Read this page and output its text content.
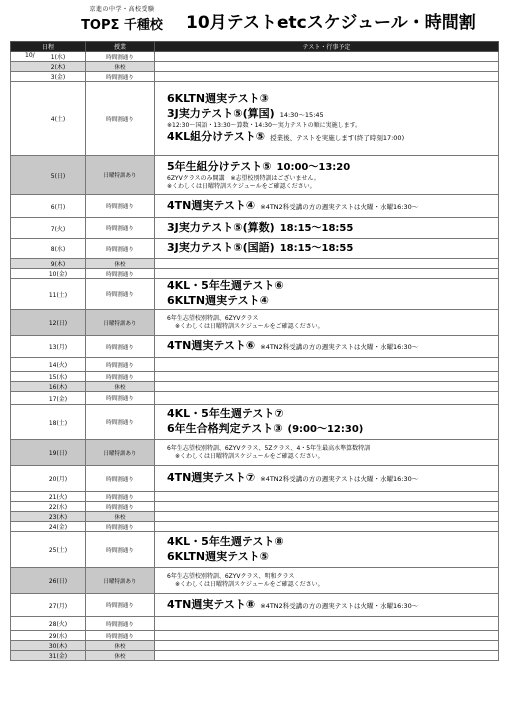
京進の中学・高校受験
TOPΣ 千種校	10月テストetcスケジュール・時間割
日程	授業	テスト・行事予定

10/ 1(水)	時間割通り	
2(木)	休校	
3(金)	時間割通り	
4(土)	時間割通り	6KLTN週実テスト③
3J実力テスト⑤(算国) 14:30～15:45
※12:30～国語・13:30～算数・14:30～実力テストの順に実施します。
4KL組分けテスト⑤ 授業後、テストを実施します(終了時刻17:00)

5(日)	日曜特訓あり	5年生組分けテスト⑤ 10:00～13:20
6ZYVクラスのみ開講　※志望校別特訓はございません。
※くわしくは日曜特訓スケジュールをご確認ください。

6(月)	時間割通り	4TN週実テスト④ ※4TN2科受講の方の週実テストは火曜・水曜16:30～

7(火)	時間割通り	3J実力テスト⑤(算数) 18:15～18:55

8(水)	時間割通り	3J実力テスト⑤(国語) 18:15～18:55

9(木)	休校	
10(金)	時間割通り	
11(土)	時間割通り	4KL・5年生週テスト⑥
6KLTN週実テスト④

12(日)	日曜特訓あり	6年生志望校別特訓、6ZYVクラス
※くわしくは日曜特訓スケジュールをご確認ください。

13(月)	時間割通り	4TN週実テスト⑥ ※4TN2科受講の方の週実テストは火曜・水曜16:30～

14(火)	時間割通り	
15(水)	時間割通り	
16(木)	休校	
17(金)	時間割通り	
18(土)	時間割通り	4KL・5年生週テスト⑦
6年生合格判定テスト③ (9:00～12:30)

19(日)	日曜特訓あり	6年生志望校別特訓、6ZYVクラス、5Zクラス、4・5年生最高水準算数特訓
※くわしくは日曜特訓スケジュールをご確認ください。

20(月)	時間割通り	4TN週実テスト⑦ ※4TN2科受講の方の週実テストは火曜・水曜16:30～

21(火)	時間割通り	
22(水)	時間割通り	
23(木)	休校	
24(金)	時間割通り	
25(土)	時間割通り	4KL・5年生週テスト⑧
6KLTN週実テスト⑤

26(日)	日曜特訓あり	6年生志望校別特訓、6ZYVクラス、明和クラス
※くわしくは日曜特訓スケジュールをご確認ください。

27(月)	時間割通り	4TN週実テスト⑧ ※4TN2科受講の方の週実テストは火曜・水曜16:30～

28(火)	時間割通り	
29(水)	時間割通り	
30(木)	休校	
31(金)	休校	
